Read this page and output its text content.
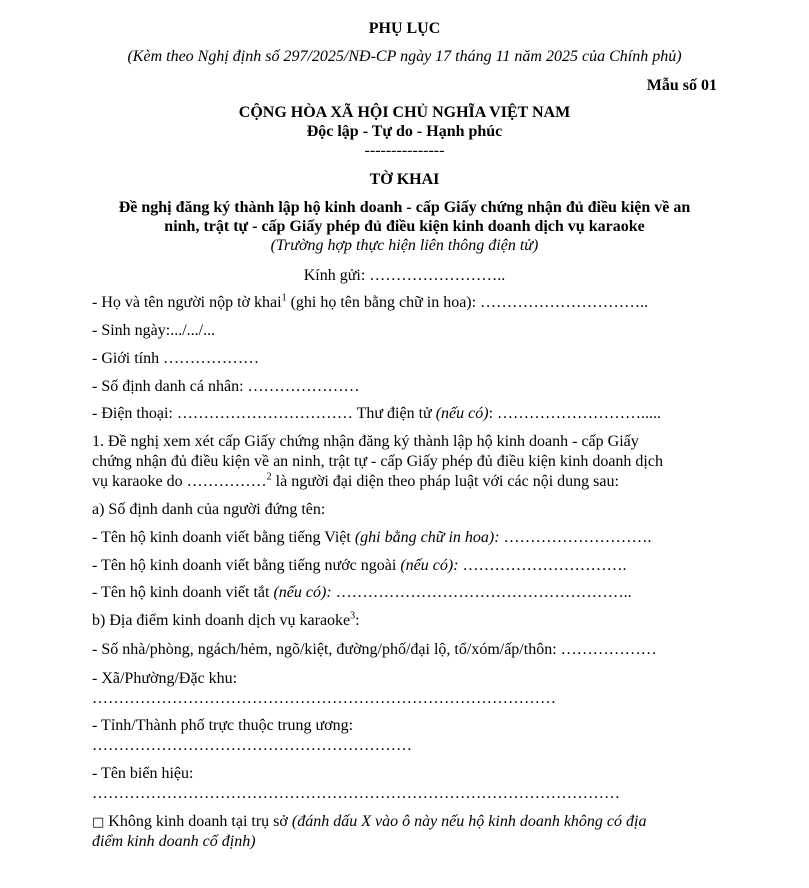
PHỤ LỤC
(Kèm theo Nghị định số 297/2025/NĐ-CP ngày 17 tháng 11 năm 2025 của Chính phủ)
Mẫu số 01
CỘNG HÒA XÃ HỘI CHỦ NGHĨA VIỆT NAM
Độc lập - Tự do - Hạnh phúc
---------------
TỜ KHAI
Đề nghị đăng ký thành lập hộ kinh doanh - cấp Giấy chứng nhận đủ điều kiện về an
ninh, trật tự - cấp Giấy phép đủ điều kiện kinh doanh dịch vụ karaoke
(Trường hợp thực hiện liên thông điện tử)
Kính gửi: ……………………..
- Họ và tên người nộp tờ khai$^1$ (ghi họ tên bằng chữ in hoa): …………………………..
- Sinh ngày:.../.../...
- Giới tính ………………
- Số định danh cá nhân: …………………
- Điện thoại: …………………………… Thư điện tử (nếu có): ……………………….....
1. Đề nghị xem xét cấp Giấy chứng nhận đăng ký thành lập hộ kinh doanh - cấp Giấy
chứng nhận đủ điều kiện về an ninh, trật tự - cấp Giấy phép đủ điều kiện kinh doanh dịch
vụ karaoke do ……………$^2$ là người đại diện theo pháp luật với các nội dung sau:
a) Số định danh của người đứng tên:
- Tên hộ kinh doanh viết bằng tiếng Việt (ghi bằng chữ in hoa): ……………………….
- Tên hộ kinh doanh viết bằng tiếng nước ngoài (nếu có): ………………………….
- Tên hộ kinh doanh viết tắt (nếu có): ………………………………………………..
b) Địa điểm kinh doanh dịch vụ karaoke$^3$:
- Số nhà/phòng, ngách/hẻm, ngõ/kiệt, đường/phố/đại lộ, tổ/xóm/ấp/thôn: ………………
- Xã/Phường/Đặc khu:
……………………………………………………………………………
- Tỉnh/Thành phố trực thuộc trung ương:
……………………………………………………
- Tên biển hiệu:
………………………………………………………………………………………
□ Không kinh doanh tại trụ sở (đánh dấu X vào ô này nếu hộ kinh doanh không có địa
điểm kinh doanh cố định)
